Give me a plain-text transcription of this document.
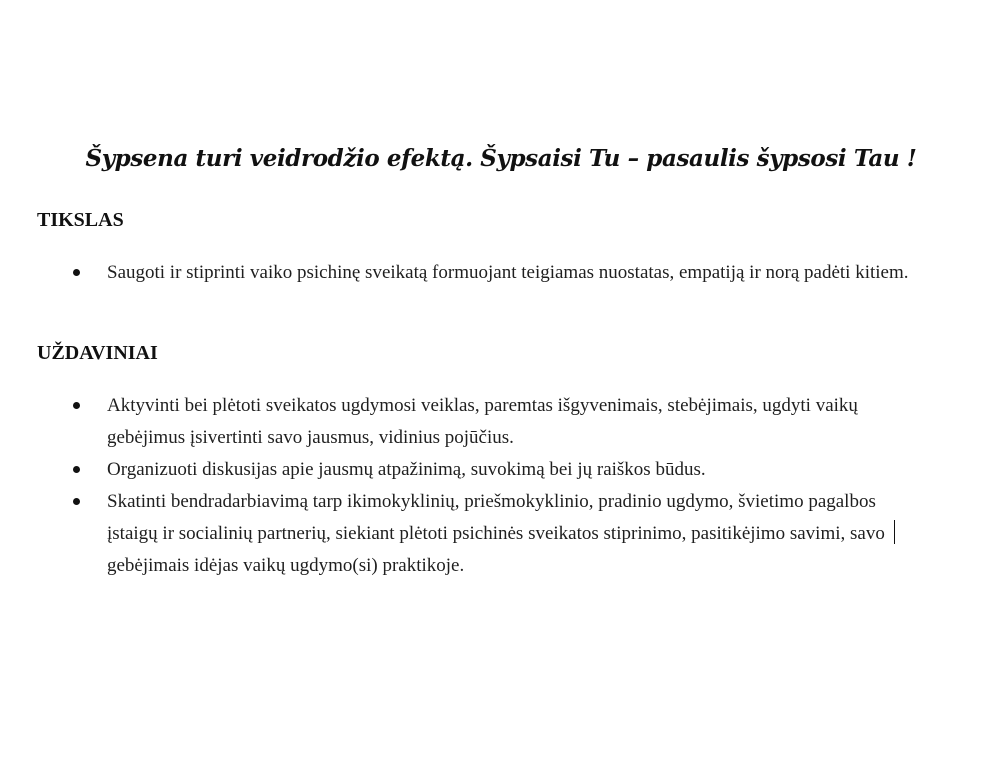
Šypsena turi veidrodžio efektą. Šypsaisi Tu – pasaulis šypsosi Tau !
TIKSLAS
Saugoti ir stiprinti vaiko psichinę sveikatą formuojant teigiamas nuostatas, empatiją ir norą padėti kitiem.
UŽDAVINIAI
Aktyvinti bei plėtoti sveikatos ugdymosi veiklas, paremtas išgyvenimais, stebėjimais, ugdyti vaikų gebėjimus įsivertinti savo jausmus, vidinius pojūčius.
Organizuoti diskusijas apie jausmų atpažinimą, suvokimą bei jų raiškos būdus.
Skatinti bendradarbiavimą tarp ikimokyklinių, priešmokyklinio, pradinio ugdymo, švietimo pagalbos įstaigų ir socialinių partnerių, siekiant plėtoti psichinės sveikatos stiprinimo, pasitikėjimo savimi, savo gebėjimais idėjas vaikų ugdymo(si) praktikoje.
